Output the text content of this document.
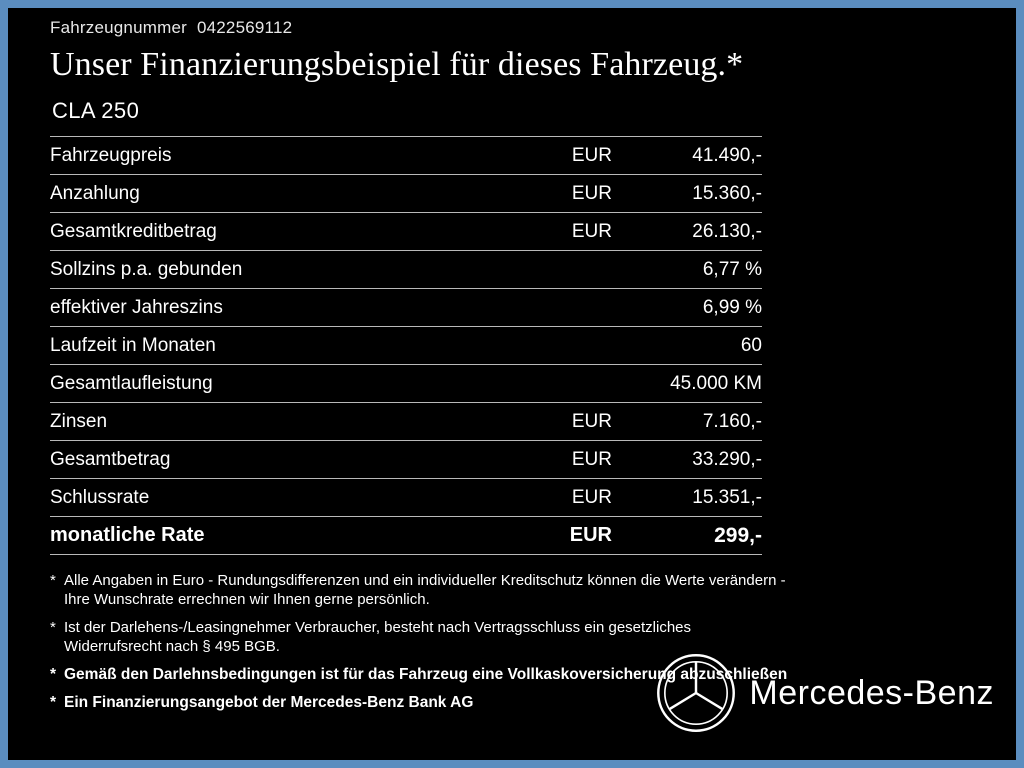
Fahrzeugnummer 0422569112
Unser Finanzierungsbeispiel für dieses Fahrzeug.*
CLA 250
Fahrzeugpreis	EUR	41.490,-
Anzahlung	EUR	15.360,-
Gesamtkreditbetrag	EUR	26.130,-
Sollzins p.a. gebunden		6,77 %
effektiver Jahreszins		6,99 %
Laufzeit in Monaten		60
Gesamtlaufleistung		45.000 KM
Zinsen	EUR	7.160,-
Gesamtbetrag	EUR	33.290,-
Schlussrate	EUR	15.351,-
monatliche Rate	EUR	299,-
* Alle Angaben in Euro - Rundungsdifferenzen und ein individueller Kreditschutz können die Werte verändern - Ihre Wunschrate errechnen wir Ihnen gerne persönlich.
* Ist der Darlehens-/Leasingnehmer Verbraucher, besteht nach Vertragsschluss ein gesetzliches Widerrufsrecht nach § 495 BGB.
* Gemäß den Darlehnsbedingungen ist für das Fahrzeug eine Vollkaskoversicherung abzuschließen
* Ein Finanzierungsangebot der Mercedes-Benz Bank AG	Mercedes-Benz
